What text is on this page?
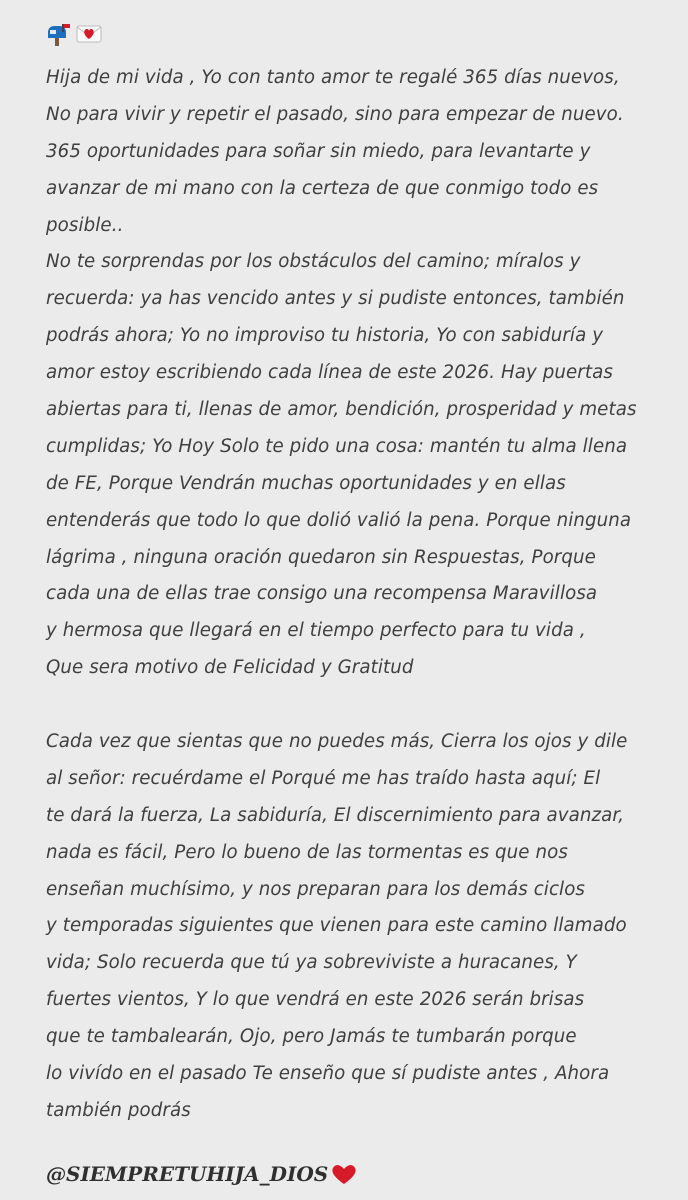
Hija de mi vida , Yo con tanto amor te regalé 365 días nuevos,
No para vivir y repetir el pasado, sino para empezar de nuevo.
365 oportunidades para soñar sin miedo, para levantarte y
avanzar de mi mano con la certeza de que conmigo todo es
posible..
No te sorprendas por los obstáculos del camino; míralos y
recuerda: ya has vencido antes y si pudiste entonces, también
podrás ahora; Yo no improviso tu historia, Yo con sabiduría y
amor estoy escribiendo cada línea de este 2026. Hay puertas
abiertas para ti, llenas de amor, bendición, prosperidad y metas
cumplidas; Yo Hoy Solo te pido una cosa: mantén tu alma llena
de FE, Porque Vendrán muchas oportunidades y en ellas
entenderás que todo lo que dolió valió la pena. Porque ninguna
lágrima , ninguna oración quedaron sin Respuestas, Porque
cada una de ellas trae consigo una recompensa Maravillosa
y hermosa que llegará en el tiempo perfecto para tu vida ,
Que sera motivo de Felicidad y Gratitud
Cada vez que sientas que no puedes más, Cierra los ojos y dile
al señor: recuérdame el Porqué me has traído hasta aquí; El
te dará la fuerza, La sabiduría, El discernimiento para avanzar,
nada es fácil, Pero lo bueno de las tormentas es que nos
enseñan muchísimo, y nos preparan para los demás ciclos
y temporadas siguientes que vienen para este camino llamado
vida; Solo recuerda que tú ya sobreviviste a huracanes, Y
fuertes vientos, Y lo que vendrá en este 2026 serán brisas
que te tambalearán, Ojo, pero Jamás te tumbarán porque
lo vivído en el pasado Te enseño que sí pudiste antes , Ahora
también podrás
@SIEMPRETUHIJA_DIOS
